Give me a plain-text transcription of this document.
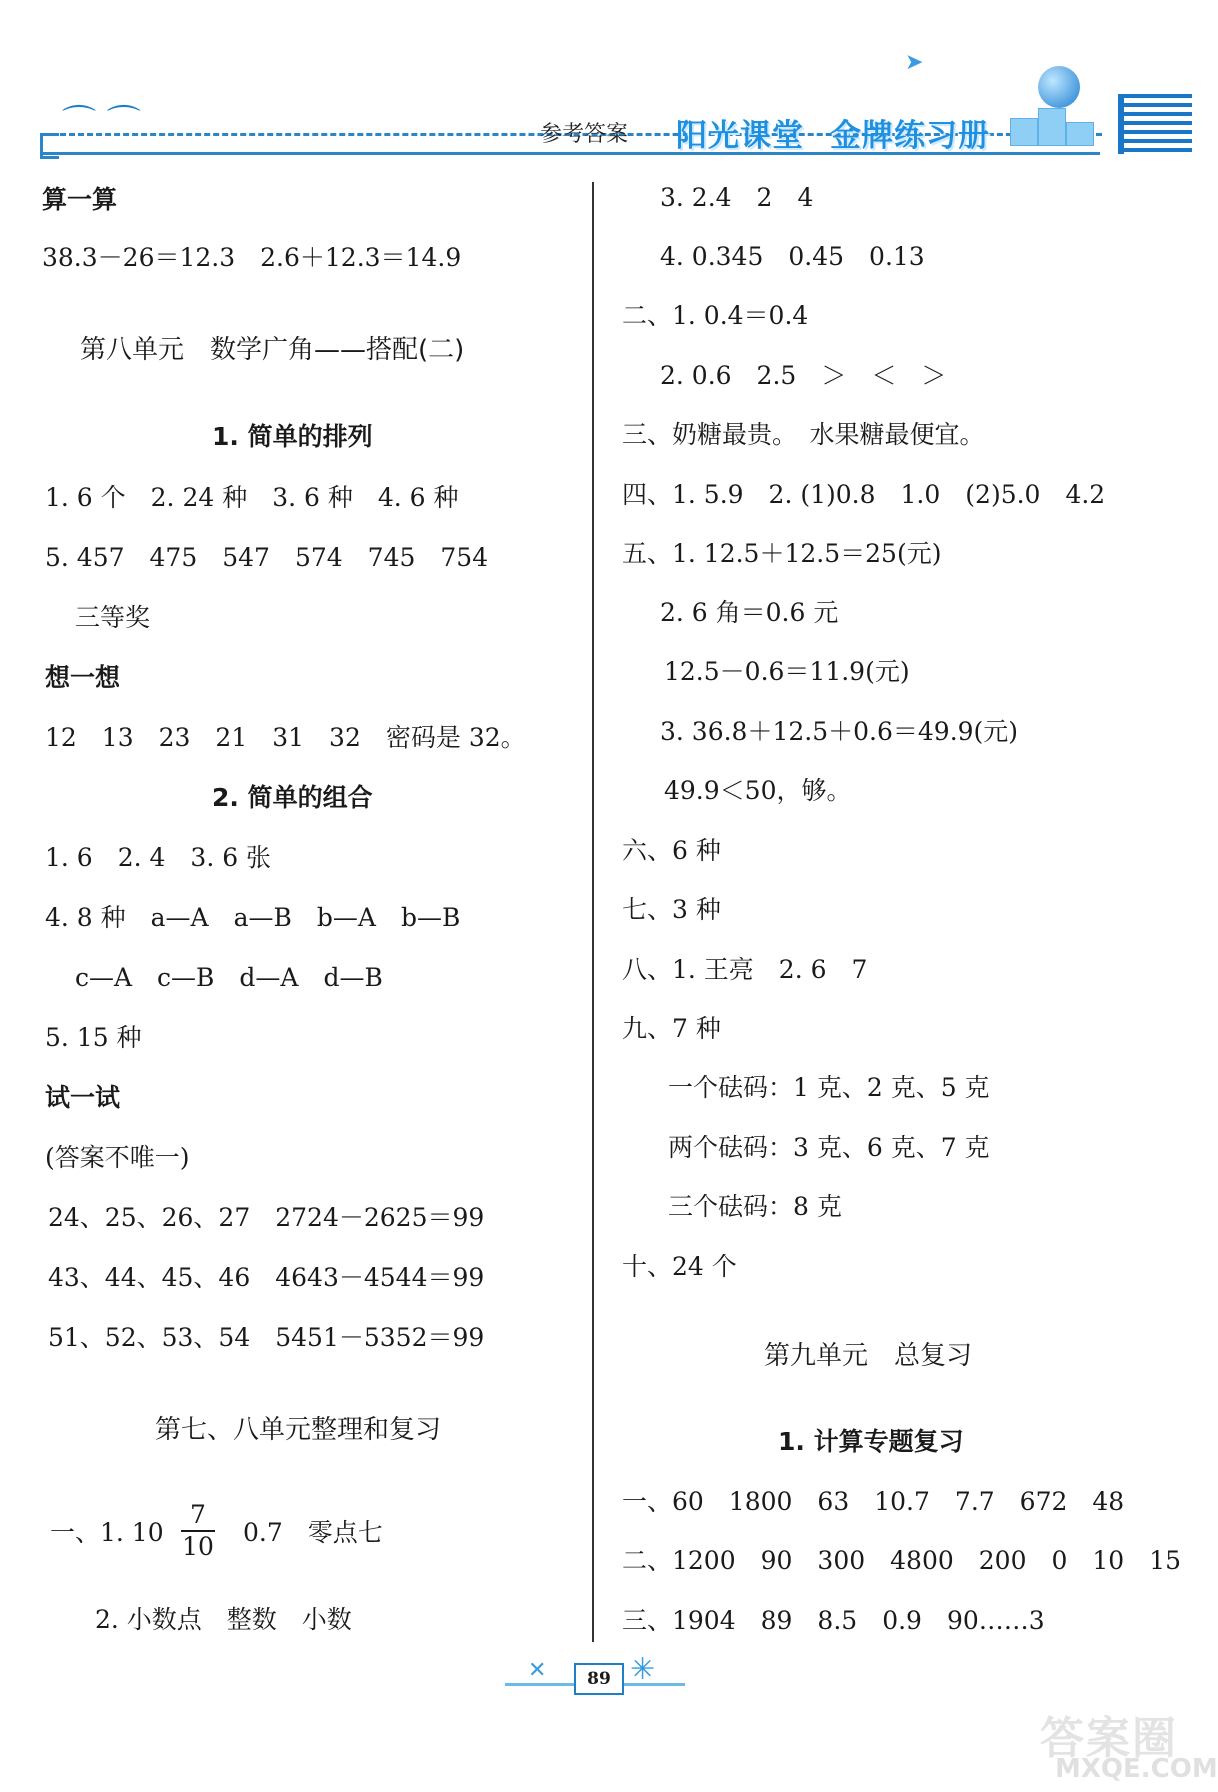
⌒ ⌒	参考答案 阳光课堂 金牌练习册
➤
算一算
38.3－26＝12.3　2.6＋12.3＝14.9
第八单元　数学广角——搭配(二)
1. 简单的排列
1. 6 个　2. 24 种　3. 6 种　4. 6 种
5. 457　475　547　574　745　754
三等奖
想一想
12　13　23　21　31　32　密码是 32。
2. 简单的组合
1. 6　2. 4　3. 6 张
4. 8 种　a—A　a—B　b—A　b—B
c—A　c—B　d—A　d—B
5. 15 种
试一试
(答案不唯一)
24、25、26、27　2724－2625＝99
43、44、45、46　4643－4544＝99
51、52、53、54　5451－5352＝99
第七、八单元整理和复习
一、1. $10 \frac{7}{10} 0.7$　零点七
2. 小数点　整数　小数
3. 2.4　2　4
4. 0.345　0.45　0.13
二、1. 0.4＝0.4
2. 0.6　2.5　＞　＜　＞
三、奶糖最贵。　水果糖最便宜。
四、1. 5.9　2. (1)0.8　1.0　(2)5.0　4.2
五、1. 12.5＋12.5＝25(元)
2. 6 角＝0.6 元
12.5－0.6＝11.9(元)
3. 36.8＋12.5＋0.6＝49.9(元)
49.9＜50，够。
六、6 种
七、3 种
八、1. 王亮　2. 6　7
九、7 种
一个砝码：1 克、2 克、5 克
两个砝码：3 克、6 克、7 克
三个砝码：8 克
十、24 个
第九单元　总复习
1. 计算专题复习
一、60　1800　63　10.7　7.7　672　48
二、1200　90　300　4800　200　0　10　15
三、1904　89　8.5　0.9　90……3
✕	✳
89
答案圈
MXQE.COM
